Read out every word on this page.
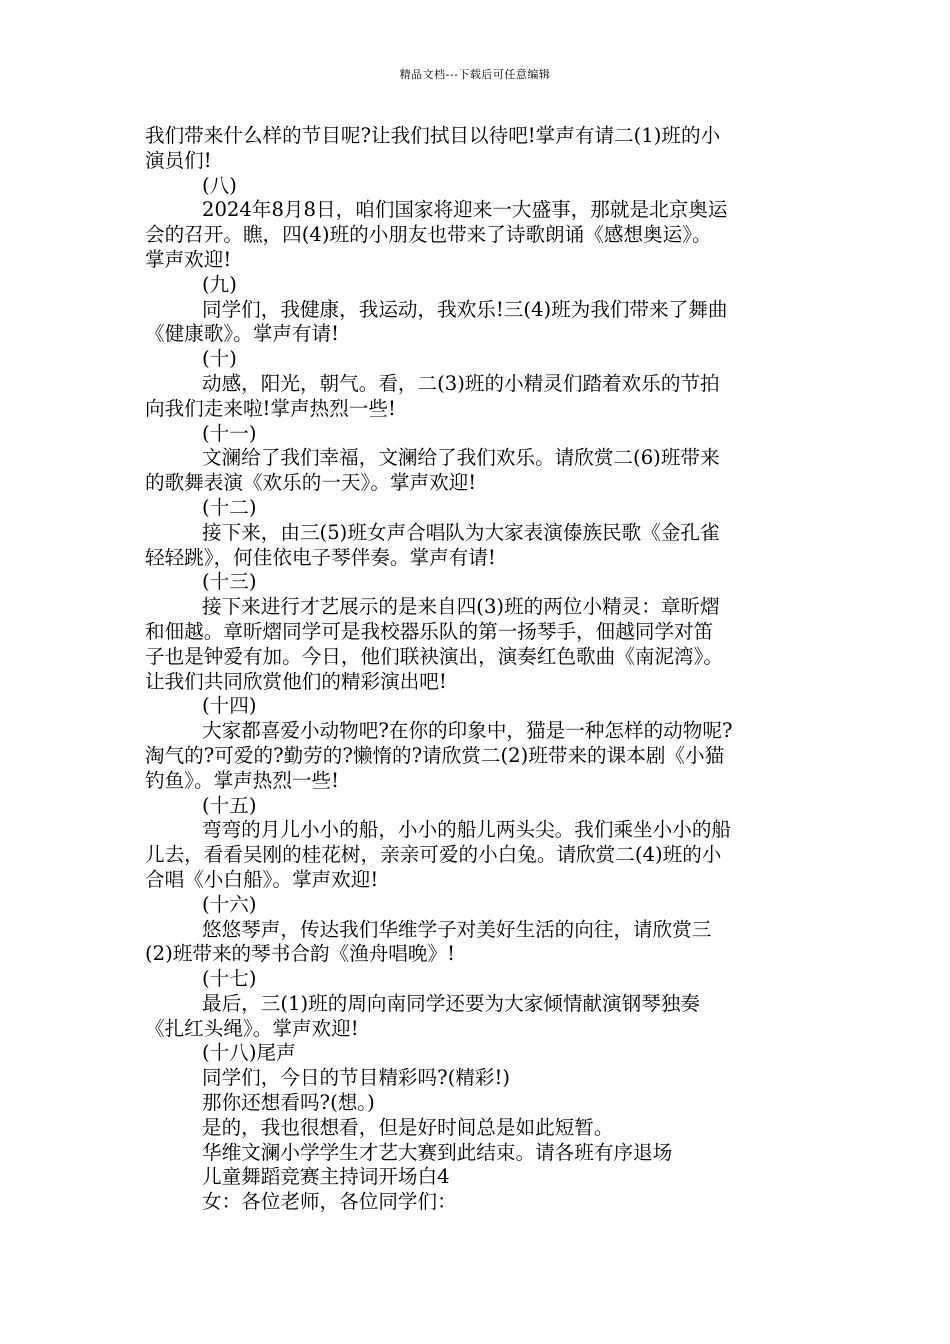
精品文档---下载后可任意编辑
我们带来什么样的节目呢?让我们拭目以待吧!掌声有请二(1)班的小
演员们!
(八)
2024年8月8日，咱们国家将迎来一大盛事，那就是北京奥运
会的召开。瞧，四(4)班的小朋友也带来了诗歌朗诵《感想奥运》。
掌声欢迎!
(九)
同学们，我健康，我运动，我欢乐!三(4)班为我们带来了舞曲
《健康歌》。掌声有请!
(十)
动感，阳光，朝气。看，二(3)班的小精灵们踏着欢乐的节拍
向我们走来啦!掌声热烈一些!
(十一)
文澜给了我们幸福，文澜给了我们欢乐。请欣赏二(6)班带来
的歌舞表演《欢乐的一天》。掌声欢迎!
(十二)
接下来，由三(5)班女声合唱队为大家表演傣族民歌《金孔雀
轻轻跳》，何佳依电子琴伴奏。掌声有请!
(十三)
接下来进行才艺展示的是来自四(3)班的两位小精灵：章昕熠
和佃越。章昕熠同学可是我校器乐队的第一扬琴手，佃越同学对笛
子也是钟爱有加。今日，他们联袂演出，演奏红色歌曲《南泥湾》。
让我们共同欣赏他们的精彩演出吧!
(十四)
大家都喜爱小动物吧?在你的印象中，猫是一种怎样的动物呢?
淘气的?可爱的?勤劳的?懒惰的?请欣赏二(2)班带来的课本剧《小猫
钓鱼》。掌声热烈一些!
(十五)
弯弯的月儿小小的船，小小的船儿两头尖。我们乘坐小小的船
儿去，看看吴刚的桂花树，亲亲可爱的小白兔。请欣赏二(4)班的小
合唱《小白船》。掌声欢迎!
(十六)
悠悠琴声，传达我们华维学子对美好生活的向往，请欣赏三
(2)班带来的琴书合韵《渔舟唱晚》!
(十七)
最后，三(1)班的周向南同学还要为大家倾情献演钢琴独奏
《扎红头绳》。掌声欢迎!
(十八)尾声
同学们，今日的节目精彩吗?(精彩!)
那你还想看吗?(想。)
是的，我也很想看，但是好时间总是如此短暂。
华维文澜小学学生才艺大赛到此结束。请各班有序退场
儿童舞蹈竞赛主持词开场白4
女：各位老师，各位同学们：
